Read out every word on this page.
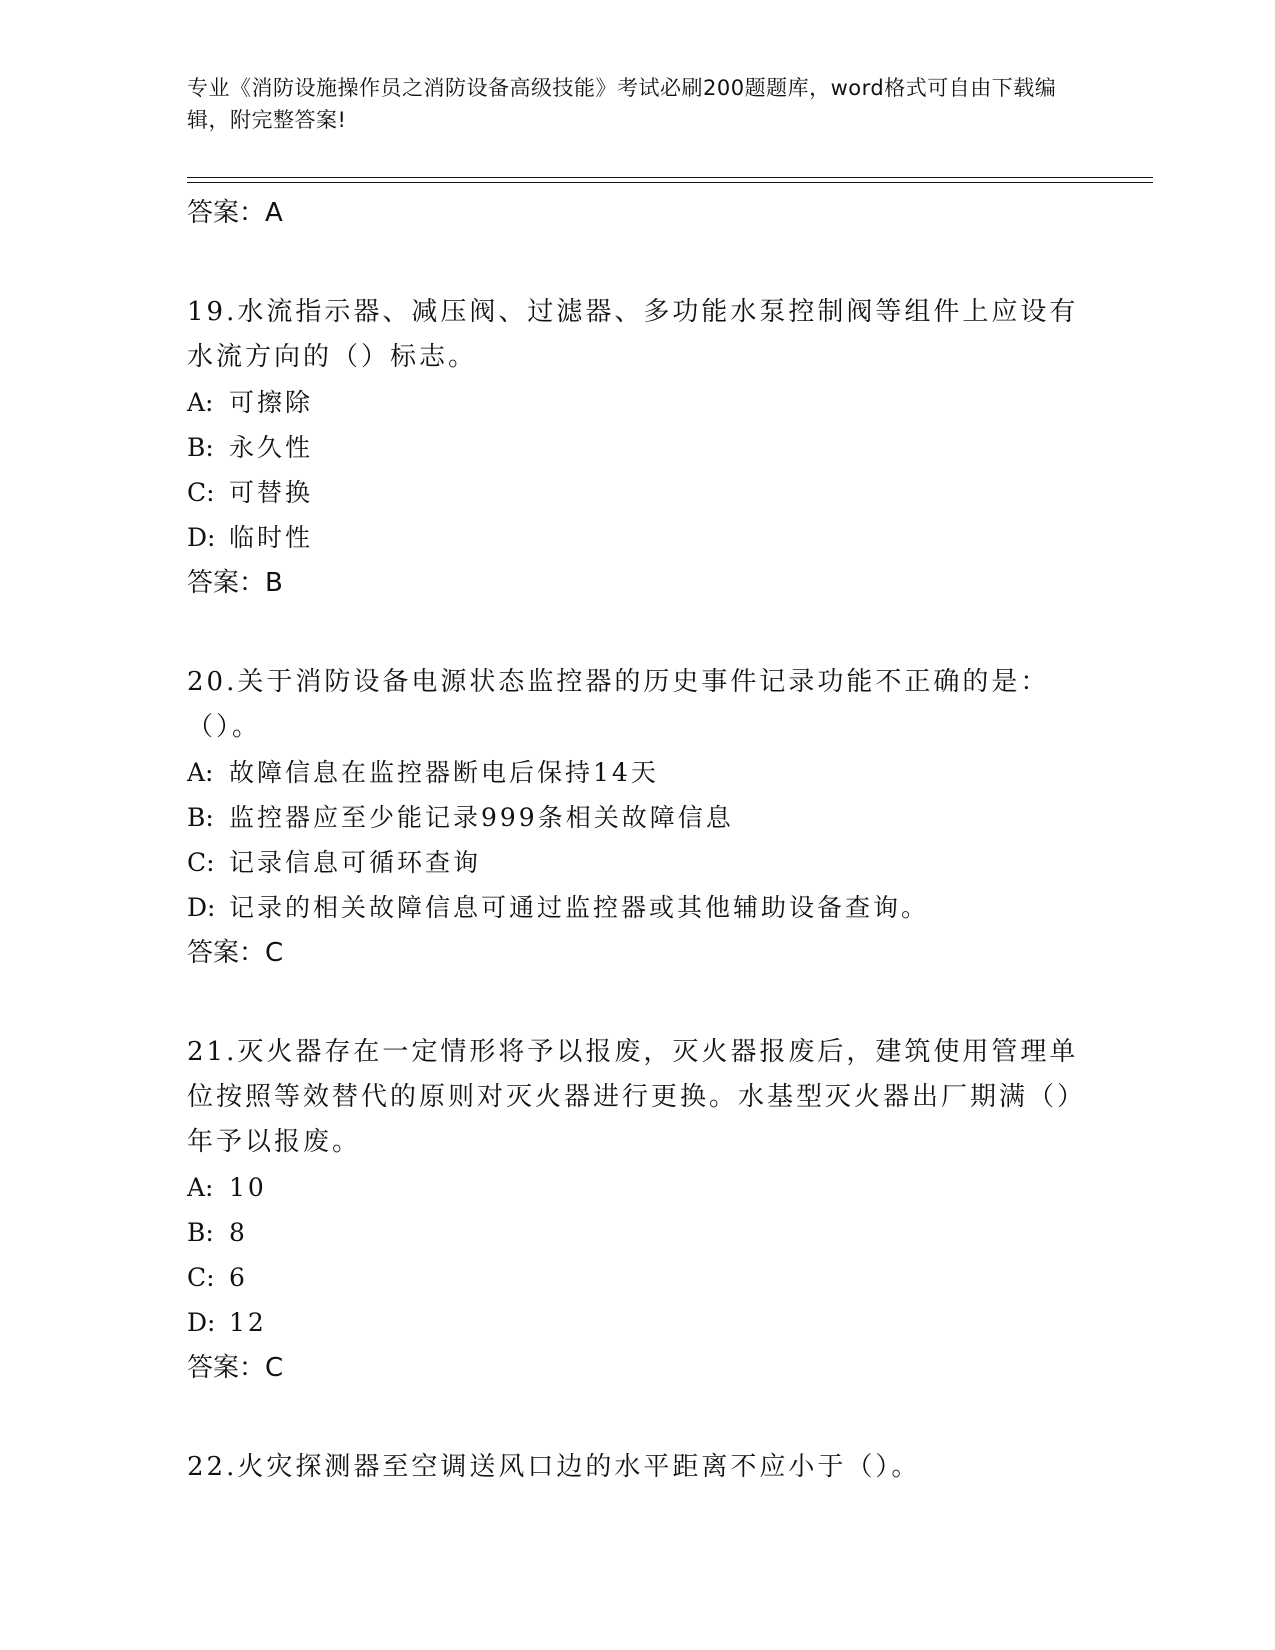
专业《消防设施操作员之消防设备高级技能》考试必刷200题题库，word格式可自由下载编辑，附完整答案!
答案：A
19.水流指示器、减压阀、过滤器、多功能水泵控制阀等组件上应设有水流方向的（）标志。
A: 可擦除
B: 永久性
C: 可替换
D: 临时性
答案：B
20.关于消防设备电源状态监控器的历史事件记录功能不正确的是：（）。
A: 故障信息在监控器断电后保持14天
B: 监控器应至少能记录999条相关故障信息
C: 记录信息可循环查询
D: 记录的相关故障信息可通过监控器或其他辅助设备查询。
答案：C
21.灭火器存在一定情形将予以报废，灭火器报废后，建筑使用管理单位按照等效替代的原则对灭火器进行更换。水基型灭火器出厂期满（）年予以报废。
A: 10
B: 8
C: 6
D: 12
答案：C
22.火灾探测器至空调送风口边的水平距离不应小于（）。
